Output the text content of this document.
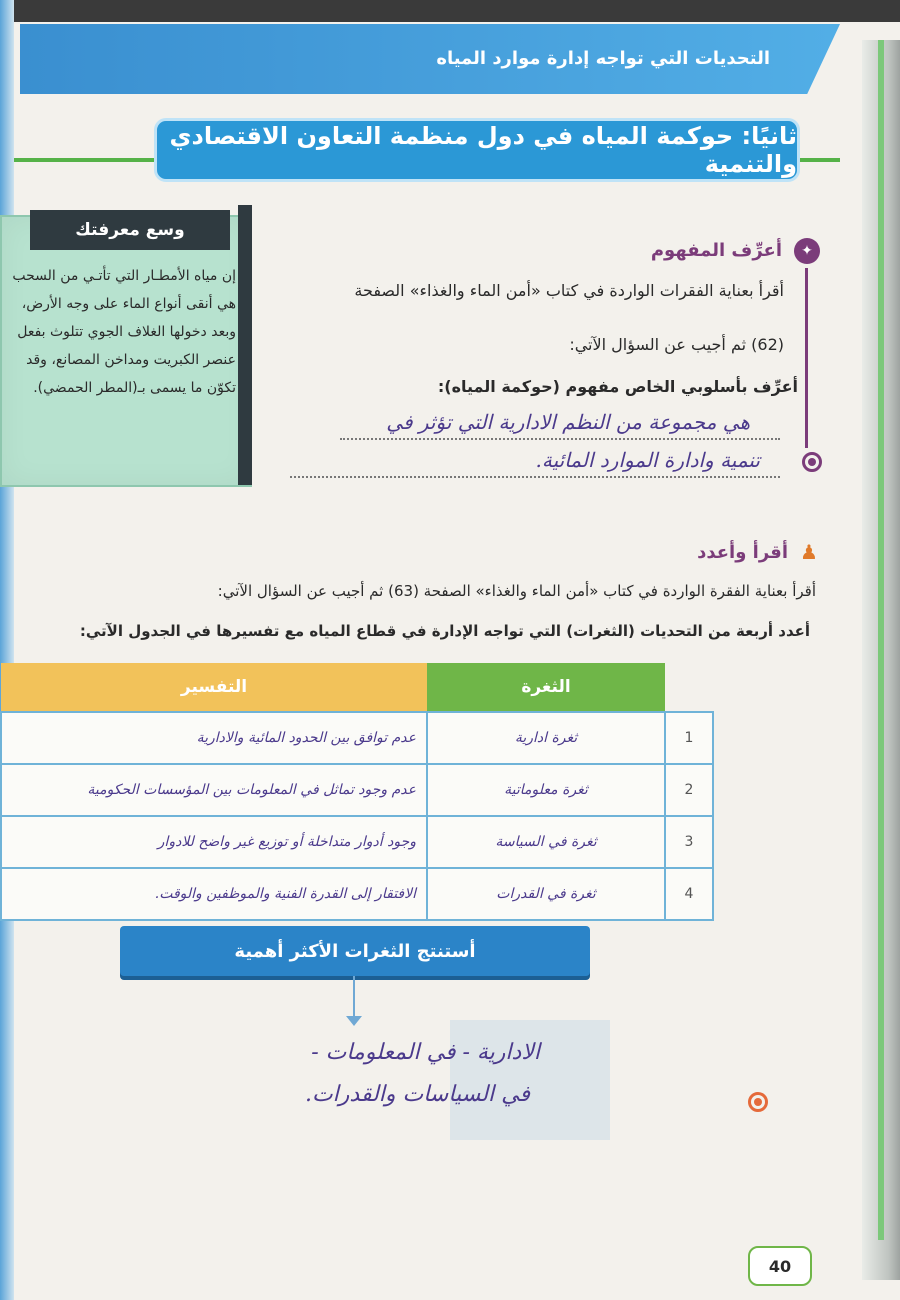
التحديات التي تواجه إدارة موارد المياه
ثانيًا: حوكمة المياه في دول منظمة التعاون الاقتصادي والتنمية
وسع معرفتك
إن مياه الأمطـار التي تأتـي من السحب هي أنقى أنواع الماء على وجه الأرض، وبعد دخولها الغلاف الجوي تتلوث بفعل عنصر الكبريت ومداخن المصانع، وقد تكوّن ما يسمى بـ(المطر الحمضي).
✦
أعرِّف المفهوم
أقرأ بعناية الفقرات الواردة في كتاب «أمن الماء والغذاء» الصفحة
(62) ثم أجيب عن السؤال الآتي:
أعرِّف بأسلوبي الخاص مفهوم (حوكمة المياه):
هي مجموعة من النظم الادارية التي تؤثر في
تنمية وادارة الموارد المائية.
♟
أقرأ وأعدد
أقرأ بعناية الفقرة الواردة في كتاب «أمن الماء والغذاء» الصفحة (63) ثم أجيب عن السؤال الآتي:
أعدد أربعة من التحديات (الثغرات) التي تواجه الإدارة في قطاع المياه مع تفسيرها في الجدول الآتي:
	الثغرة	التفسير
1	ثغرة ادارية	عدم توافق بين الحدود المائية والادارية
2	ثغرة معلوماتية	عدم وجود تماثل في المعلومات بين المؤسسات الحكومية
3	ثغرة في السياسة	وجود أدوار متداخلة أو توزيع غير واضح للادوار
4	ثغرة في القدرات	الافتقار إلى القدرة الفنية والموظفين والوقت.
أستنتج الثغرات الأكثر أهمية
الادارية - في المعلومات -
في السياسات والقدرات.
40
